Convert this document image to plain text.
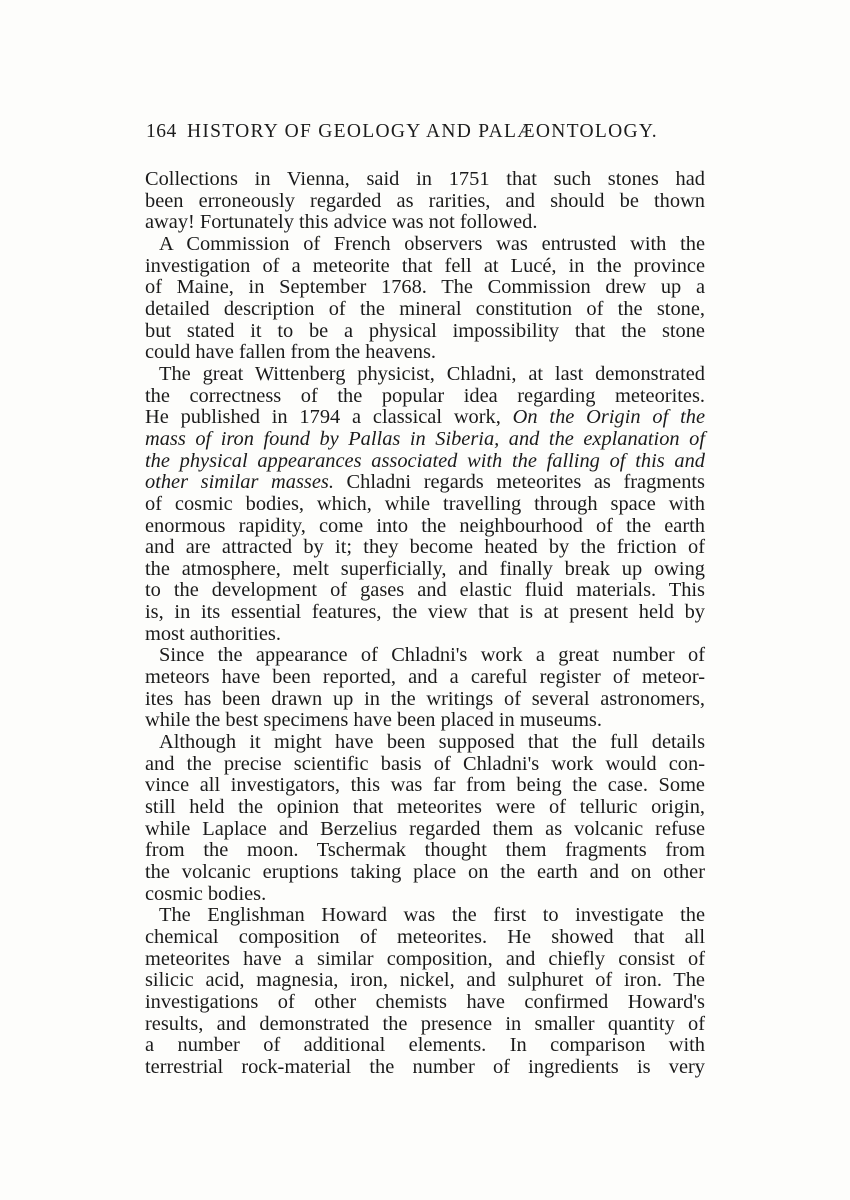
164 HISTORY OF GEOLOGY AND PALÆONTOLOGY.
Collections in Vienna, said in 1751 that such stones had
been erroneously regarded as rarities, and should be thown
away! Fortunately this advice was not followed.
A Commission of French observers was entrusted with the
investigation of a meteorite that fell at Lucé, in the province
of Maine, in September 1768. The Commission drew up a
detailed description of the mineral constitution of the stone,
but stated it to be a physical impossibility that the stone
could have fallen from the heavens.
The great Wittenberg physicist, Chladni, at last demonstrated
the correctness of the popular idea regarding meteorites.
He published in 1794 a classical work, On the Origin of the
mass of iron found by Pallas in Siberia, and the explanation of
the physical appearances associated with the falling of this and
other similar masses. Chladni regards meteorites as fragments
of cosmic bodies, which, while travelling through space with
enormous rapidity, come into the neighbourhood of the earth
and are attracted by it; they become heated by the friction of
the atmosphere, melt superficially, and finally break up owing
to the development of gases and elastic fluid materials. This
is, in its essential features, the view that is at present held by
most authorities.
Since the appearance of Chladni's work a great number of
meteors have been reported, and a careful register of meteor-
ites has been drawn up in the writings of several astronomers,
while the best specimens have been placed in museums.
Although it might have been supposed that the full details
and the precise scientific basis of Chladni's work would con-
vince all investigators, this was far from being the case. Some
still held the opinion that meteorites were of telluric origin,
while Laplace and Berzelius regarded them as volcanic refuse
from the moon. Tschermak thought them fragments from
the volcanic eruptions taking place on the earth and on other
cosmic bodies.
The Englishman Howard was the first to investigate the
chemical composition of meteorites. He showed that all
meteorites have a similar composition, and chiefly consist of
silicic acid, magnesia, iron, nickel, and sulphuret of iron. The
investigations of other chemists have confirmed Howard's
results, and demonstrated the presence in smaller quantity of
a number of additional elements. In comparison with
terrestrial rock-material the number of ingredients is very
